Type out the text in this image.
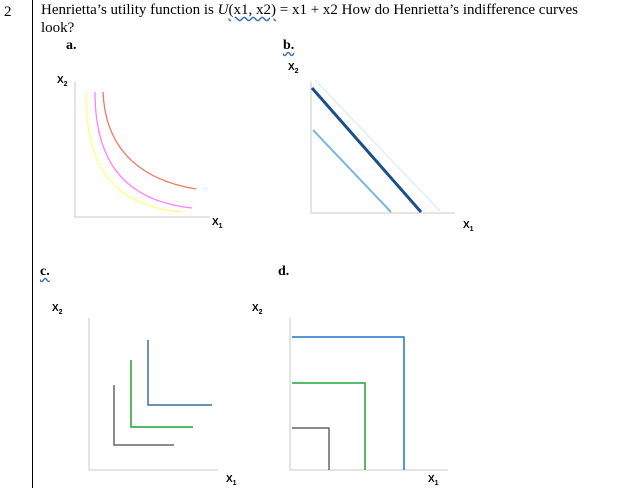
2 Henrietta’s utility function is U(x1, x2) = x1 + x2 How do Henrietta’s indifference curves
look?
a.	b.
c.	d.
$X_2$
$X_1$
$X_2$
$X_1$
$X_2$
$X_1$
$X_2$
$X_1$
